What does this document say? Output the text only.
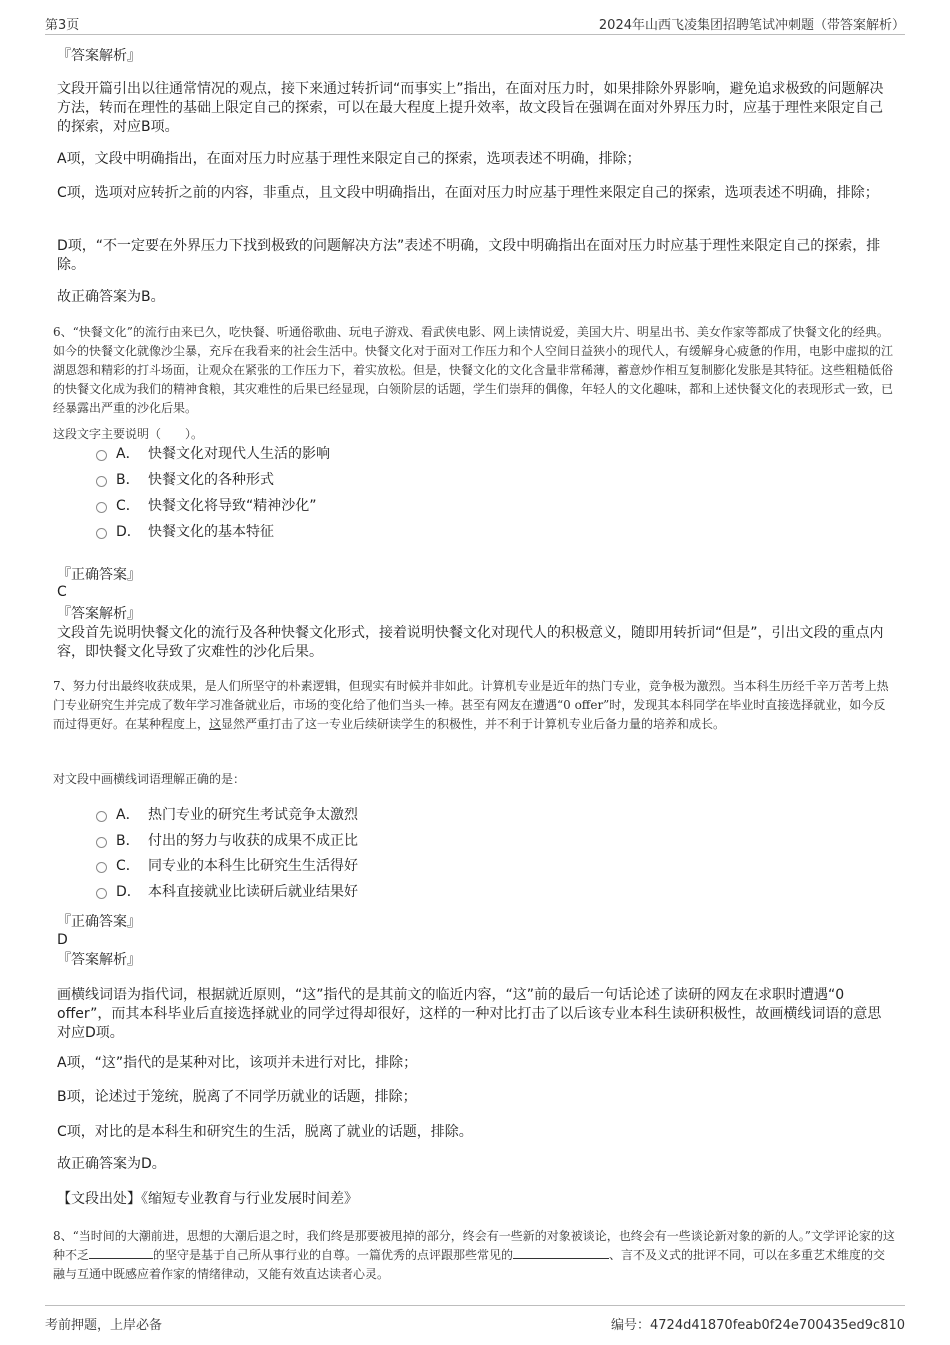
第3页	2024年山西飞凌集团招聘笔试冲刺题（带答案解析）
『答案解析』
文段开篇引出以往通常情况的观点，接下来通过转折词“而事实上”指出，在面对压力时，如果排除外界影响，避免追求极致的问题解决方法，转而在理性的基础上限定自己的探索，可以在最大程度上提升效率，故文段旨在强调在面对外界压力时，应基于理性来限定自己的探索，对应B项。
A项，文段中明确指出，在面对压力时应基于理性来限定自己的探索，选项表述不明确，排除；
C项，选项对应转折之前的内容，非重点，且文段中明确指出，在面对压力时应基于理性来限定自己的探索，选项表述不明确，排除；
D项，“不一定要在外界压力下找到极致的问题解决方法”表述不明确，文段中明确指出在面对压力时应基于理性来限定自己的探索，排除。
故正确答案为B。
6、“快餐文化”的流行由来已久，吃快餐、听通俗歌曲、玩电子游戏、看武侠电影、网上读情说爱，美国大片、明星出书、美女作家等都成了快餐文化的经典。如今的快餐文化就像沙尘暴，充斥在我看来的社会生活中。快餐文化对于面对工作压力和个人空间日益狭小的现代人，有缓解身心疲惫的作用，电影中虚拟的江湖恩怨和精彩的打斗场面，让观众在紧张的工作压力下，着实放松。但是，快餐文化的文化含量非常稀薄，蓄意炒作相互复制膨化发胀是其特征。这些粗糙低俗的快餐文化成为我们的精神食粮，其灾难性的后果已经显现，白领阶层的话题，学生们崇拜的偶像，年轻人的文化趣味，都和上述快餐文化的表现形式一致，已经暴露出严重的沙化后果。
这段文字主要说明（　　）。
A． 快餐文化对现代人生活的影响
B． 快餐文化的各种形式
C． 快餐文化将导致“精神沙化”
D． 快餐文化的基本特征
『正确答案』
C
『答案解析』
文段首先说明快餐文化的流行及各种快餐文化形式，接着说明快餐文化对现代人的积极意义，随即用转折词“但是”，引出文段的重点内容，即快餐文化导致了灾难性的沙化后果。
7、努力付出最终收获成果，是人们所坚守的朴素逻辑，但现实有时候并非如此。计算机专业是近年的热门专业，竞争极为激烈。当本科生历经千辛万苦考上热门专业研究生并完成了数年学习准备就业后，市场的变化给了他们当头一棒。甚至有网友在遭遇“0 offer”时，发现其本科同学在毕业时直接选择就业，如今反而过得更好。在某种程度上，这显然严重打击了这一专业后续研读学生的积极性，并不利于计算机专业后备力量的培养和成长。
对文段中画横线词语理解正确的是：
A． 热门专业的研究生考试竞争太激烈
B． 付出的努力与收获的成果不成正比
C． 同专业的本科生比研究生生活得好
D． 本科直接就业比读研后就业结果好
『正确答案』
D
『答案解析』
画横线词语为指代词，根据就近原则，“这”指代的是其前文的临近内容，“这”前的最后一句话论述了读研的网友在求职时遭遇“0 offer”，而其本科毕业后直接选择就业的同学过得却很好，这样的一种对比打击了以后该专业本科生读研积极性，故画横线词语的意思对应D项。
A项，“这”指代的是某种对比，该项并未进行对比，排除；
B项，论述过于笼统，脱离了不同学历就业的话题，排除；
C项，对比的是本科生和研究生的生活，脱离了就业的话题，排除。
故正确答案为D。
【文段出处】《缩短专业教育与行业发展时间差》
8、“当时间的大潮前进，思想的大潮后退之时，我们终是那要被甩掉的部分，终会有一些新的对象被谈论，也终会有一些谈论新对象的新的人。”文学评论家的这种不乏	的坚守是基于自己所从事行业的自尊。一篇优秀的点评跟那些常见的	、言不及义式的批评不同，可以在多重艺术维度的交融与互通中既感应着作家的情绪律动，又能有效直达读者心灵。
考前押题，上岸必备	编号：4724d41870feab0f24e700435ed9c810
